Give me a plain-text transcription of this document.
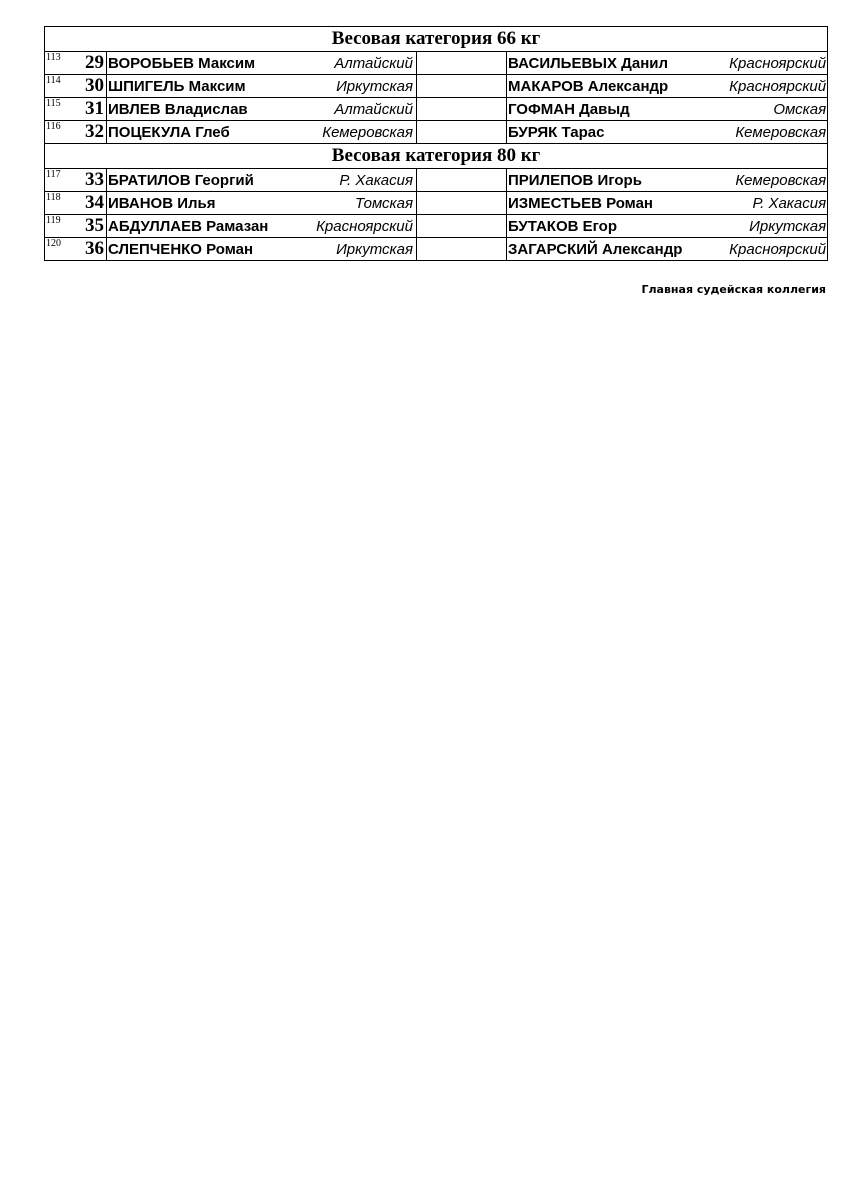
Весовая категория 66 кг						

113	29	ВОРОБЬЕВ Максим	Алтайский		ВАСИЛЬЕВЫХ Данил	Красноярский

114	30	ШПИГЕЛЬ Максим	Иркутская		МАКАРОВ Александр	Красноярский

115	31	ИВЛЕВ Владислав	Алтайский		ГОФМАН Давыд	Омская

116	32	ПОЦЕКУЛА Глеб	Кемеровская		БУРЯК Тарас	Кемеровская
Весовая категория 80 кг						

117	33	БРАТИЛОВ Георгий	Р. Хакасия		ПРИЛЕПОВ Игорь	Кемеровская

118	34	ИВАНОВ Илья	Томская		ИЗМЕСТЬЕВ Роман	Р. Хакасия

119	35	АБДУЛЛАЕВ Рамазан	Красноярский		БУТАКОВ Егор	Иркутская

120	36	СЛЕПЧЕНКО Роман	Иркутская		ЗАГАРСКИЙ Александр	Красноярский
Главная судейская коллегия
